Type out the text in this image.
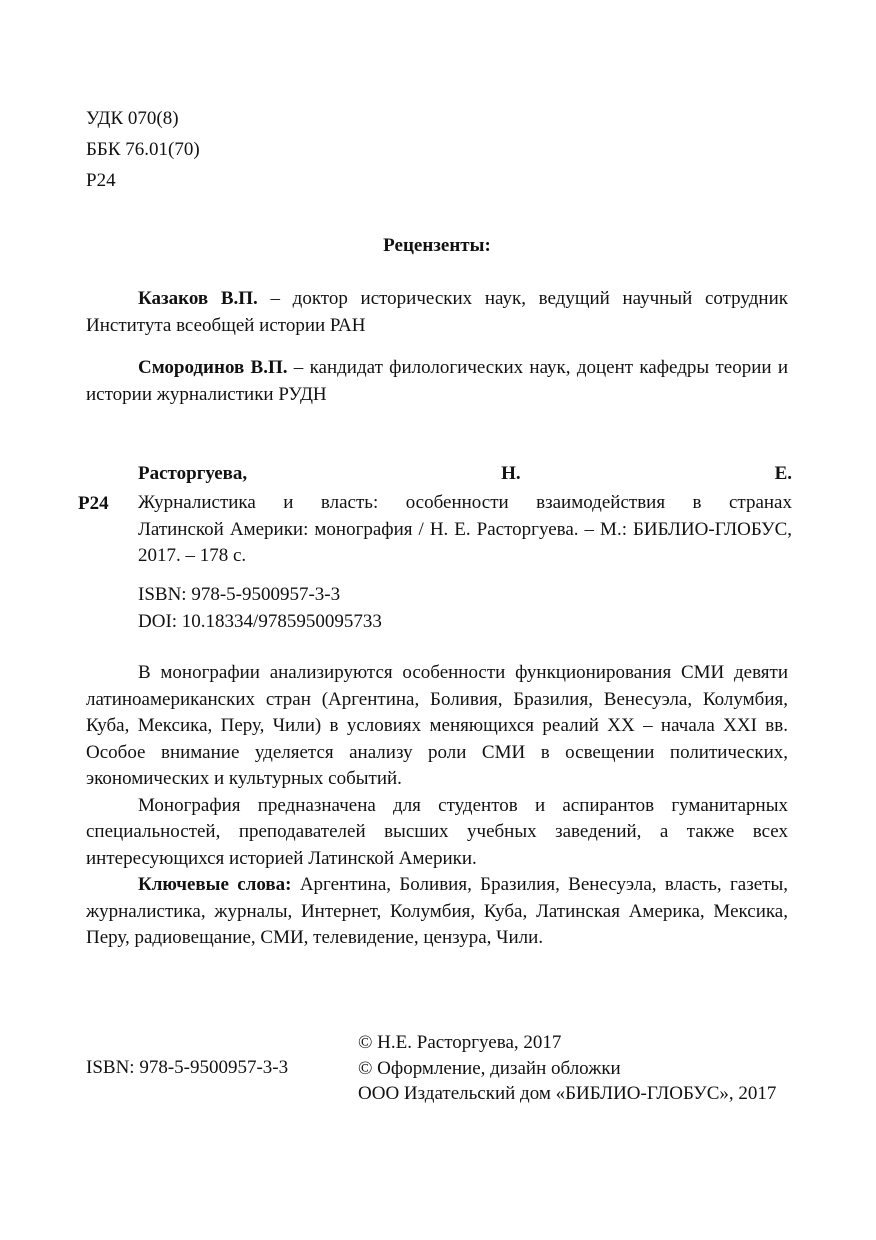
УДК 070(8)
ББК 76.01(70)
Р24
Рецензенты:
Казаков В.П. – доктор исторических наук, ведущий научный сотрудник Института всеобщей истории РАН
Смородинов В.П. – кандидат филологических наук, доцент кафедры теории и истории журналистики РУДН
Расторгуева,	Н.	Е.
Р24 Журналистика и власть: особенности взаимодействия в странах
Латинской Америки: монография / Н. Е. Расторгуева. – М.: БИБЛИО-ГЛОБУС, 2017. – 178 с.
ISBN: 978-5-9500957-3-3
DOI: 10.18334/9785950095733

В монографии анализируются особенности функционирования СМИ девяти латиноамериканских стран (Аргентина, Боливия, Бразилия, Венесуэла, Колумбия, Куба, Мексика, Перу, Чили) в условиях меняющихся реалий XX – начала XXI вв. Особое внимание уделяется анализу роли СМИ в освещении политических, экономических и культурных событий.

Монография предназначена для студентов и аспирантов гуманитарных специальностей, преподавателей высших учебных заведений, а также всех интересующихся историей Латинской Америки.

Ключевые слова: Аргентина, Боливия, Бразилия, Венесуэла, власть, газеты, журналистика, журналы, Интернет, Колумбия, Куба, Латинская Америка, Мексика, Перу, радиовещание, СМИ, телевидение, цензура, Чили.

ISBN: 978-5-9500957-3-3
© Н.Е. Расторгуева, 2017
© Оформление, дизайн обложки
ООО Издательский дом «БИБЛИО-ГЛОБУС», 2017
